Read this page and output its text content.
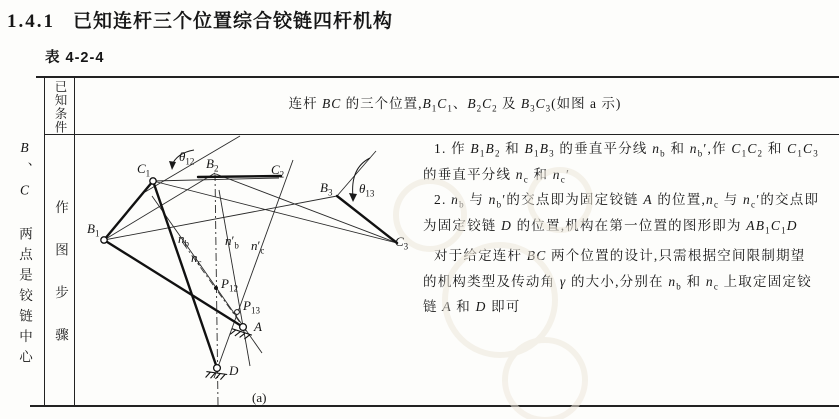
1.4.1 已知连杆三个位置综合铰链四杆机构
表 4-2-4
B、C 两点是铰链中心
已知条件
作图步骤
连杆 BC 的三个位置$,B_1C_1$、$B_2C_2$ 及 $B_3C_3$(如图 a 示)
1. 作 $B_1B_2$ 和 $B_1B_3$ 的垂直平分线 $n_b$ 和 $n_b'$,作 $C_1C_2$ 和 $C_1C_3$
的垂直平分线 $n_c$ 和 $n_c'$
2. $n_b$ 与 $n_b'$的交点即为固定铰链 A 的位置$,n_c$ 与 $n_c'$的交点即
为固定铰链 D 的位置,机构在第一位置的图形即为 $AB_1C_1D$
对于给定连杆 BC 两个位置的设计,只需根据空间限制期望
的机构类型及传动角 γ 的大小,分别在 $n_b$ 和 $n_c$ 上取定固定铰
链 A 和 D 即可
$B_1$
$C_1$
$B_2$	$C_2$
$B_3$
$C_3$
$\theta_{12}$
$\theta_{13}$
$n_b$
$n_c$
$n'_b$ $n'_c$
$P_{12}$
$P_{13}$
A
D
(a)
